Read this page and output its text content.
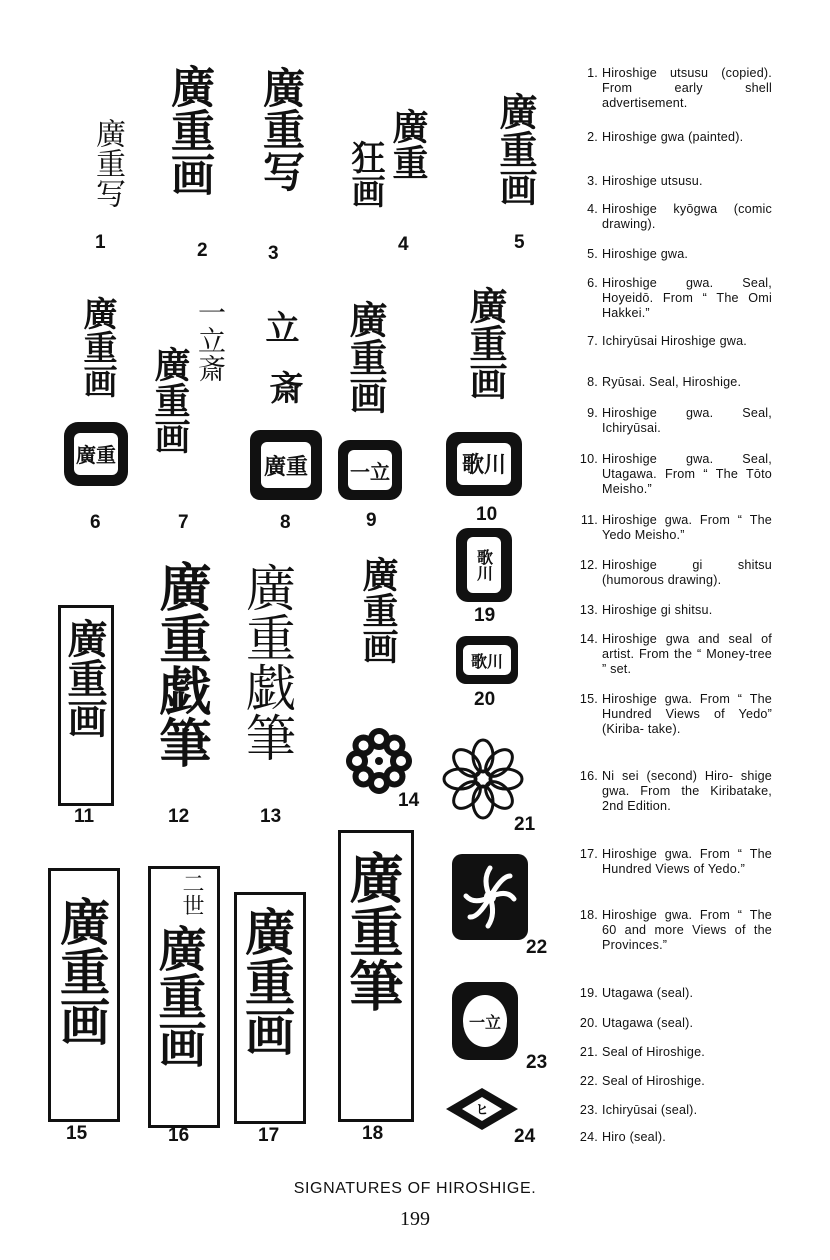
廣重写
1
廣重画
2
廣重写
3
廣重
狂画
4
廣重画
5
廣重画
廣重
6
一立斎
廣重画
7
立
斎
廣重
8
廣重画
一立
9
廣重画
歌川
10
歌川
19
歌川
20
廣重画
11
廣重戯筆
12
廣重戯筆
13
廣重画
14
21
22
廣重画
15
二世
廣重画
16
廣重画
17
廣重筆
18
一立
23
ヒ
24
1. Hiroshige utsusu (copied). From early shell advertisement.
2. Hiroshige gwa (painted).
3. Hiroshige utsusu.
4. Hiroshige kyōgwa (comic drawing).
5. Hiroshige gwa.
6. Hiroshige gwa. Seal, Hoyeidō. From “ The Omi Hakkei.”
7. Ichiryūsai Hiroshige gwa.
8. Ryūsai. Seal, Hiroshige.
9. Hiroshige gwa. Seal, Ichiryūsai.
10. Hiroshige gwa. Seal, Utagawa. From “ The Tōto Meisho.”
11. Hiroshige gwa. From “ The Yedo Meisho.”
12. Hiroshige gi shitsu (humorous drawing).
13. Hiroshige gi shitsu.
14. Hiroshige gwa and seal of artist. From the “ Money-tree ” set.
15. Hiroshige gwa. From “ The Hundred Views of Yedo” (Kiriba- take).
16. Ni sei (second) Hiro- shige gwa. From the Kiribatake, 2nd Edition.
17. Hiroshige gwa. From “ The Hundred Views of Yedo.”
18. Hiroshige gwa. From “ The 60 and more Views of the Provinces.”
19. Utagawa (seal).
20. Utagawa (seal).
21. Seal of Hiroshige.
22. Seal of Hiroshige.
23. Ichiryūsai (seal).
24. Hiro (seal).
SIGNATURES OF HIROSHIGE.
199
